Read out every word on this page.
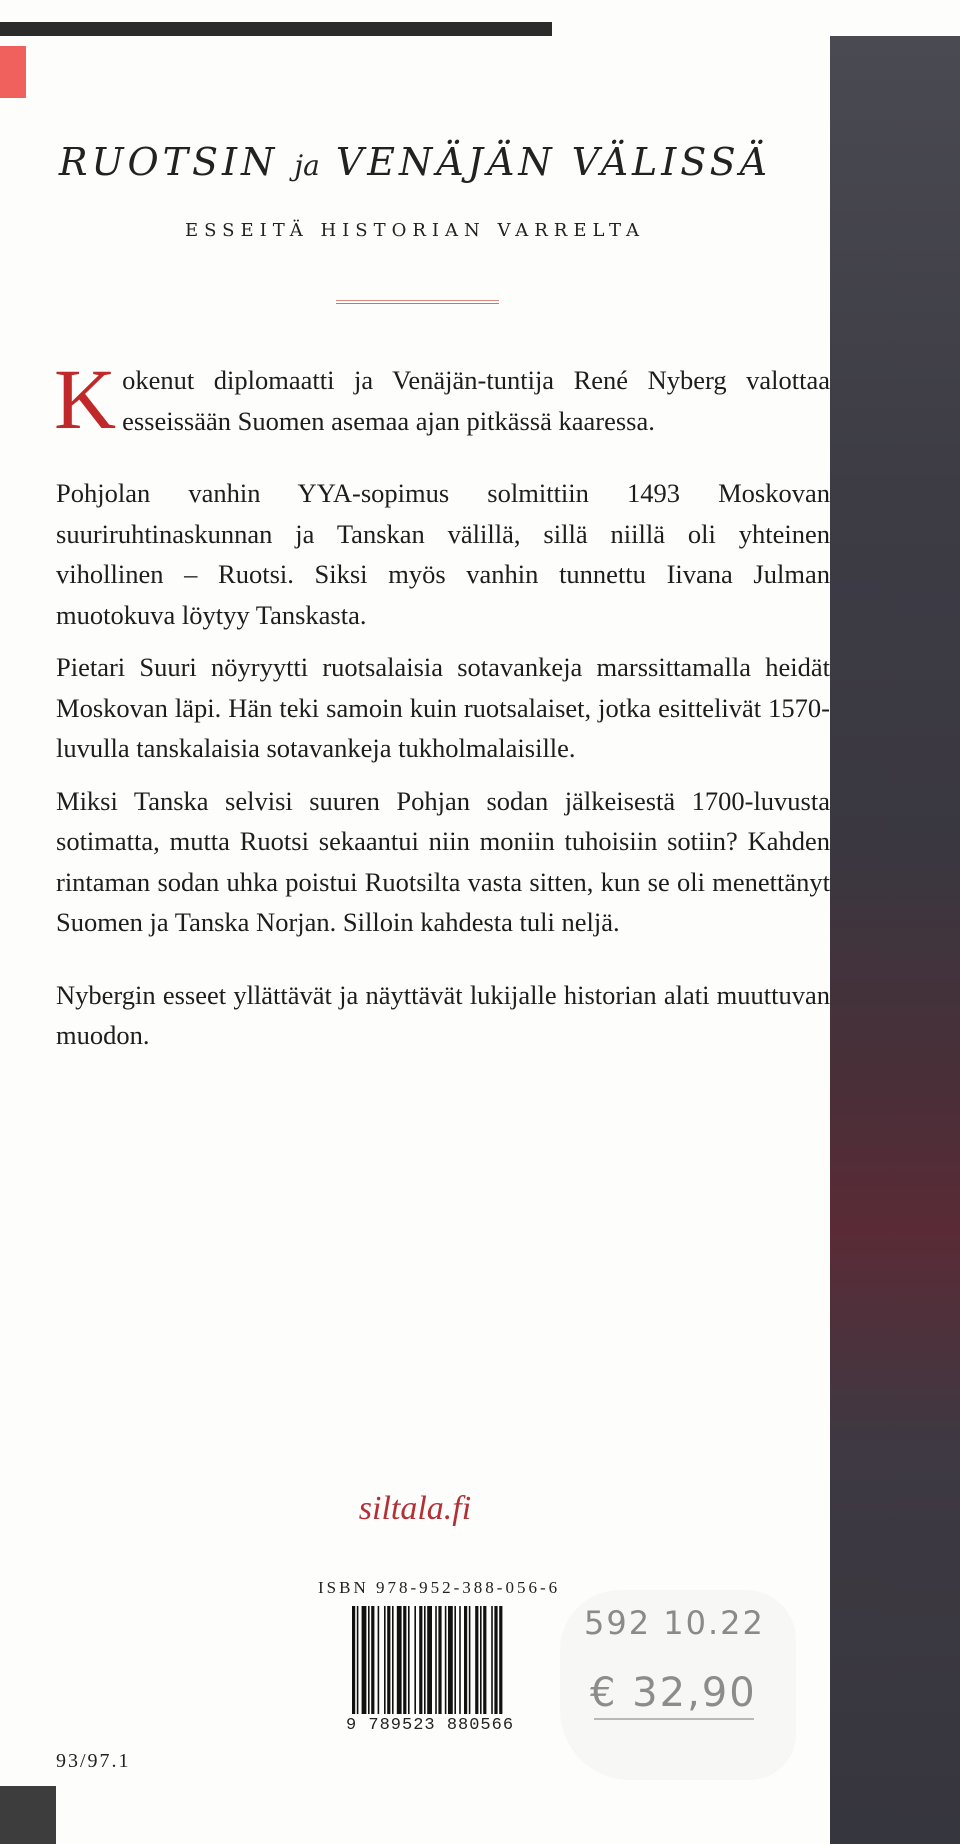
RUOTSIN ja VENÄJÄN VÄLISSÄ
ESSEITÄ HISTORIAN VARRELTA

Kokenut diplomaatti ja Venäjän-tuntija René Nyberg valottaa esseissään Suomen asemaa ajan pitkässä kaaressa.

Pohjolan vanhin YYA-sopimus solmittiin 1493 Moskovan suuriruhtinaskunnan ja Tanskan välillä, sillä niillä oli yhteinen vihollinen – Ruotsi. Siksi myös vanhin tunnettu Iivana Julman muotokuva löytyy Tanskasta.

Pietari Suuri nöyryytti ruotsalaisia sotavankeja marssittamalla heidät Moskovan läpi. Hän teki samoin kuin ruotsalaiset, jotka esittelivät 1570-luvulla tanskalaisia sotavankeja tukholmalaisille.

Miksi Tanska selvisi suuren Pohjan sodan jälkeisestä 1700-luvusta sotimatta, mutta Ruotsi sekaantui niin moniin tuhoisiin sotiin? Kahden rintaman sodan uhka poistui Ruotsilta vasta sitten, kun se oli menettänyt Suomen ja Tanska Norjan. Silloin kahdesta tuli neljä.

Nybergin esseet yllättävät ja näyttävät lukijalle historian alati muuttuvan muodon.

siltala.fi
ISBN 978-952-388-056-6
9 789523 880566
592 10.22
€ 32,90
93/97.1
